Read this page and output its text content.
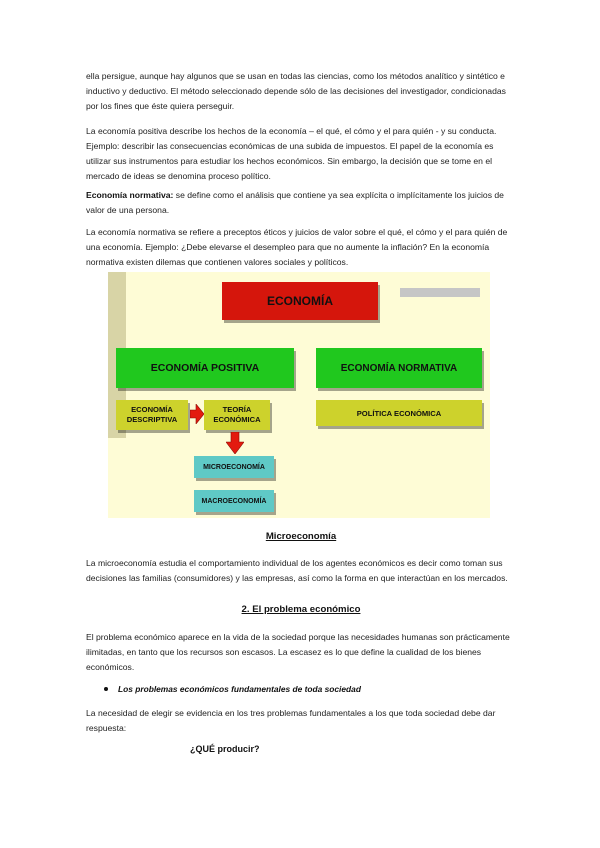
ella persigue, aunque hay algunos que se usan en todas las ciencias, como los métodos analítico y sintético e inductivo y deductivo. El método seleccionado depende sólo de las decisiones del investigador, condicionadas por los fines que éste quiera perseguir.

La economía positiva describe los hechos de la economía – el qué, el cómo y el para quién - y su conducta. Ejemplo: describir las consecuencias económicas de una subida de impuestos. El papel de la economía es utilizar sus instrumentos para estudiar los hechos económicos. Sin embargo, la decisión que se tome en el mercado de ideas se denomina proceso político.

Economía normativa: se define como el análisis que contiene ya sea explícita o implícitamente los juicios de valor de una persona.

La economía normativa se refiere a preceptos éticos y juicios de valor sobre el qué, el cómo y el para quién de una economía. Ejemplo: ¿Debe elevarse el desempleo para que no aumente la inflación? En la economía normativa existen dilemas que contienen valores sociales y políticos.

ECONOMÍA
ECONOMÍA POSITIVA	ECONOMÍA NORMATIVA
ECONOMÍA DESCRIPTIVA
TEORÍA ECONÓMICA
POLÍTICA ECONÓMICA
MICROECONOMÍA
MACROECONOMÍA

Microeconomía

La microeconomía estudia el comportamiento individual de los agentes económicos es decir como toman sus decisiones las familias (consumidores) y las empresas, así como la forma en que interactúan en los mercados.

2. El problema económico

El problema económico aparece en la vida de la sociedad porque las necesidades humanas son prácticamente ilimitadas, en tanto que los recursos son escasos. La escasez es lo que define la cualidad de los bienes económicos.

Los problemas económicos fundamentales de toda sociedad

La necesidad de elegir se evidencia en los tres problemas fundamentales a los que toda sociedad debe dar respuesta:

¿QUÉ producir?
